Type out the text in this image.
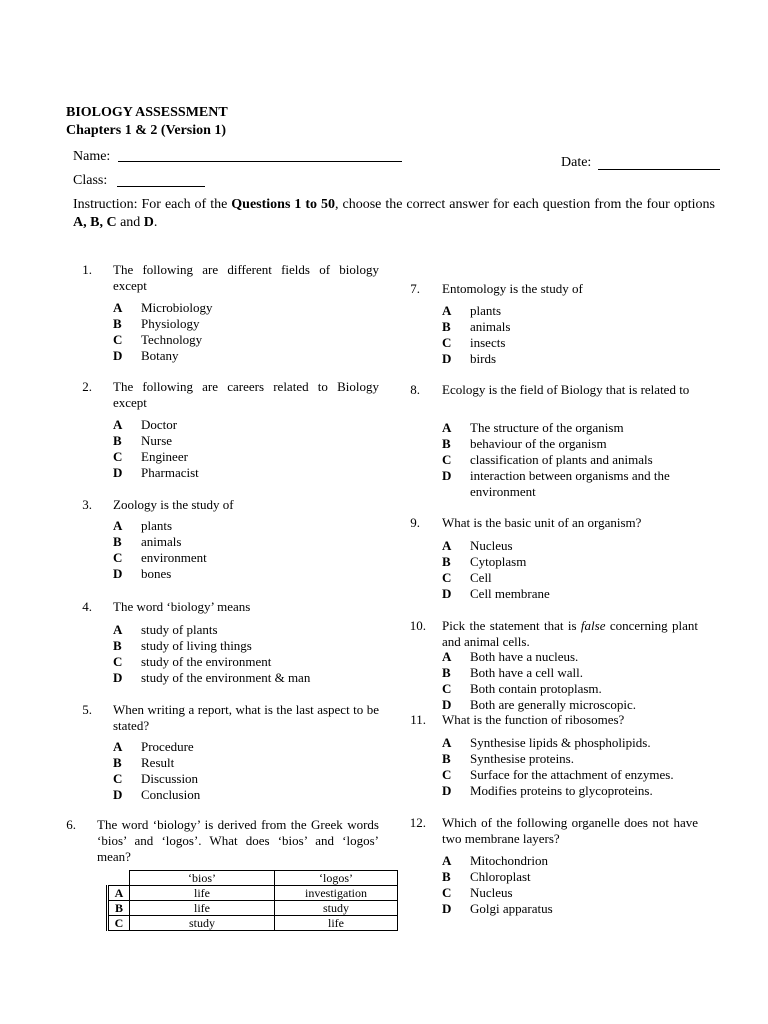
BIOLOGY ASSESSMENT
Chapters 1 & 2 (Version 1)
Name:	Date:
Class:
Instruction: For each of the Questions 1 to 50, choose the correct answer for each question from the four options A, B, C and D.
1. The following are different fields of biology except
A	Microbiology
B	Physiology
C	Technology
D	Botany
2. The following are careers related to Biology except
A	Doctor
B	Nurse
C	Engineer
D	Pharmacist
3. Zoology is the study of
A	plants
B	animals
C	environment
D	bones
4. The word ‘biology’ means
A	study of plants
B	study of living things
C	study of the environment
D	study of the environment & man
5. When writing a report, what is the last aspect to be stated?
A	Procedure
B	Result
C	Discussion
D	Conclusion
6. The word ‘biology’ is derived from the Greek words ‘bios’ and ‘logos’. What does ‘bios’ and ‘logos’ mean?
	‘bios’	‘logos’
A	life	investigation
B	life	study
C	study	life
7. Entomology is the study of
A	plants
B	animals
C	insects
D	birds
8. Ecology is the field of Biology that is related to
A	The structure of the organism
B	behaviour of the organism
C	classification of plants and animals
D	interaction between organisms and the environment
9. What is the basic unit of an organism?
A	Nucleus
B	Cytoplasm
C	Cell
D	Cell membrane
10. Pick the statement that is false concerning plant and animal cells.
A	Both have a nucleus.
B	Both have a cell wall.
C	Both contain protoplasm.
D	Both are generally microscopic.
11. What is the function of ribosomes?
A	Synthesise lipids & phospholipids.
B	Synthesise proteins.
C	Surface for the attachment of enzymes.
D	Modifies proteins to glycoproteins.
12. Which of the following organelle does not have two membrane layers?
A	Mitochondrion
B	Chloroplast
C	Nucleus
D	Golgi apparatus
